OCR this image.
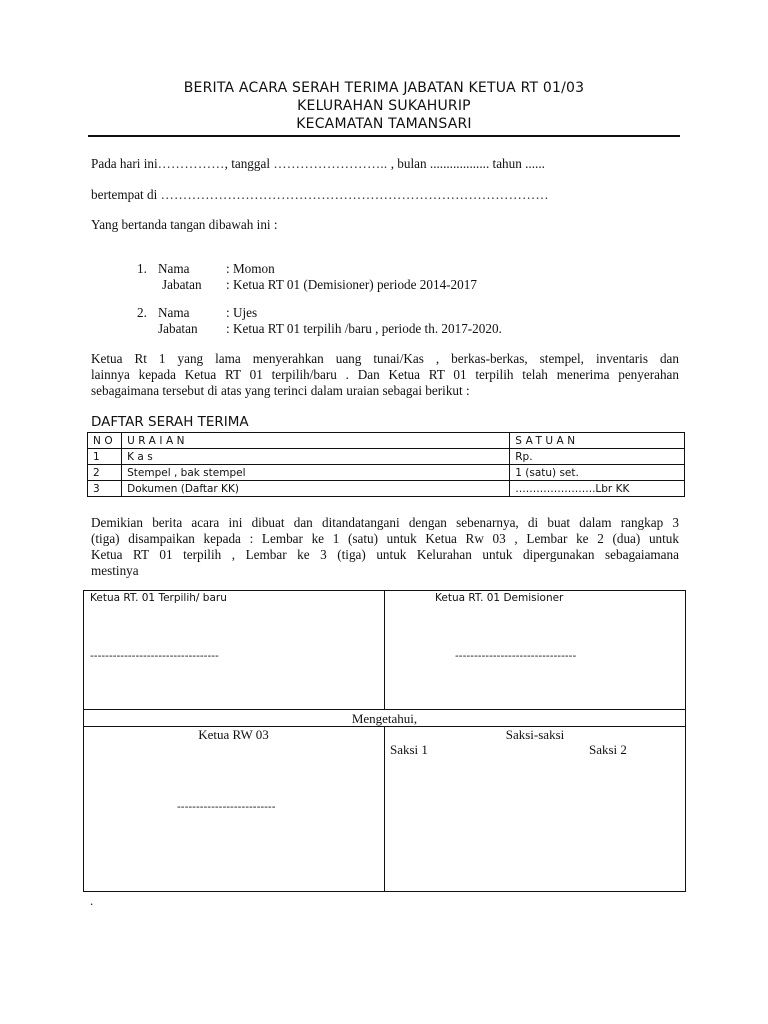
BERITA ACARA SERAH TERIMA JABATAN KETUA RT 01/03
KELURAHAN SUKAHURIP
KECAMATAN TAMANSARI
Pada hari ini……………, tanggal …………………….. , bulan .................. tahun ......
bertempat di ……………………………………………………………………………
Yang bertanda tangan dibawah ini :
1. Nama	: Momon
Jabatan : Ketua RT 01 (Demisioner) periode 2014-2017
2. Nama	: Ujes
Jabatan : Ketua RT 01 terpilih /baru , periode th. 2017-2020.
Ketua Rt 1 yang lama menyerahkan uang tunai/Kas , berkas-berkas, stempel, inventaris dan
lainnya kepada Ketua RT 01 terpilih/baru . Dan Ketua RT 01 terpilih telah menerima penyerahan
sebagaimana tersebut di atas yang terinci dalam uraian sebagai berikut :
DAFTAR SERAH TERIMA
NO	URAIAN	SATUAN
1	Kas	Rp.
2	Stempel , bak stempel	1 (satu) set.
3	Dokumen (Daftar KK)	…………………..Lbr KK
Demikian berita acara ini dibuat dan ditandatangani dengan sebenarnya, di buat dalam rangkap 3
(tiga) disampaikan kepada : Lembar ke 1 (satu) untuk Ketua Rw 03 , Lembar ke 2 (dua) untuk
Ketua RT 01 terpilih , Lembar ke 3 (tiga) untuk Kelurahan untuk dipergunakan sebagaiamana
mestinya
Ketua RT. 01 Terpilih/ baru	Ketua RT. 01 Demisioner
----------------------------------	--------------------------------
Mengetahui,
Ketua RW 03	Saksi-saksi
Saksi 1	Saksi 2
--------------------------
.
